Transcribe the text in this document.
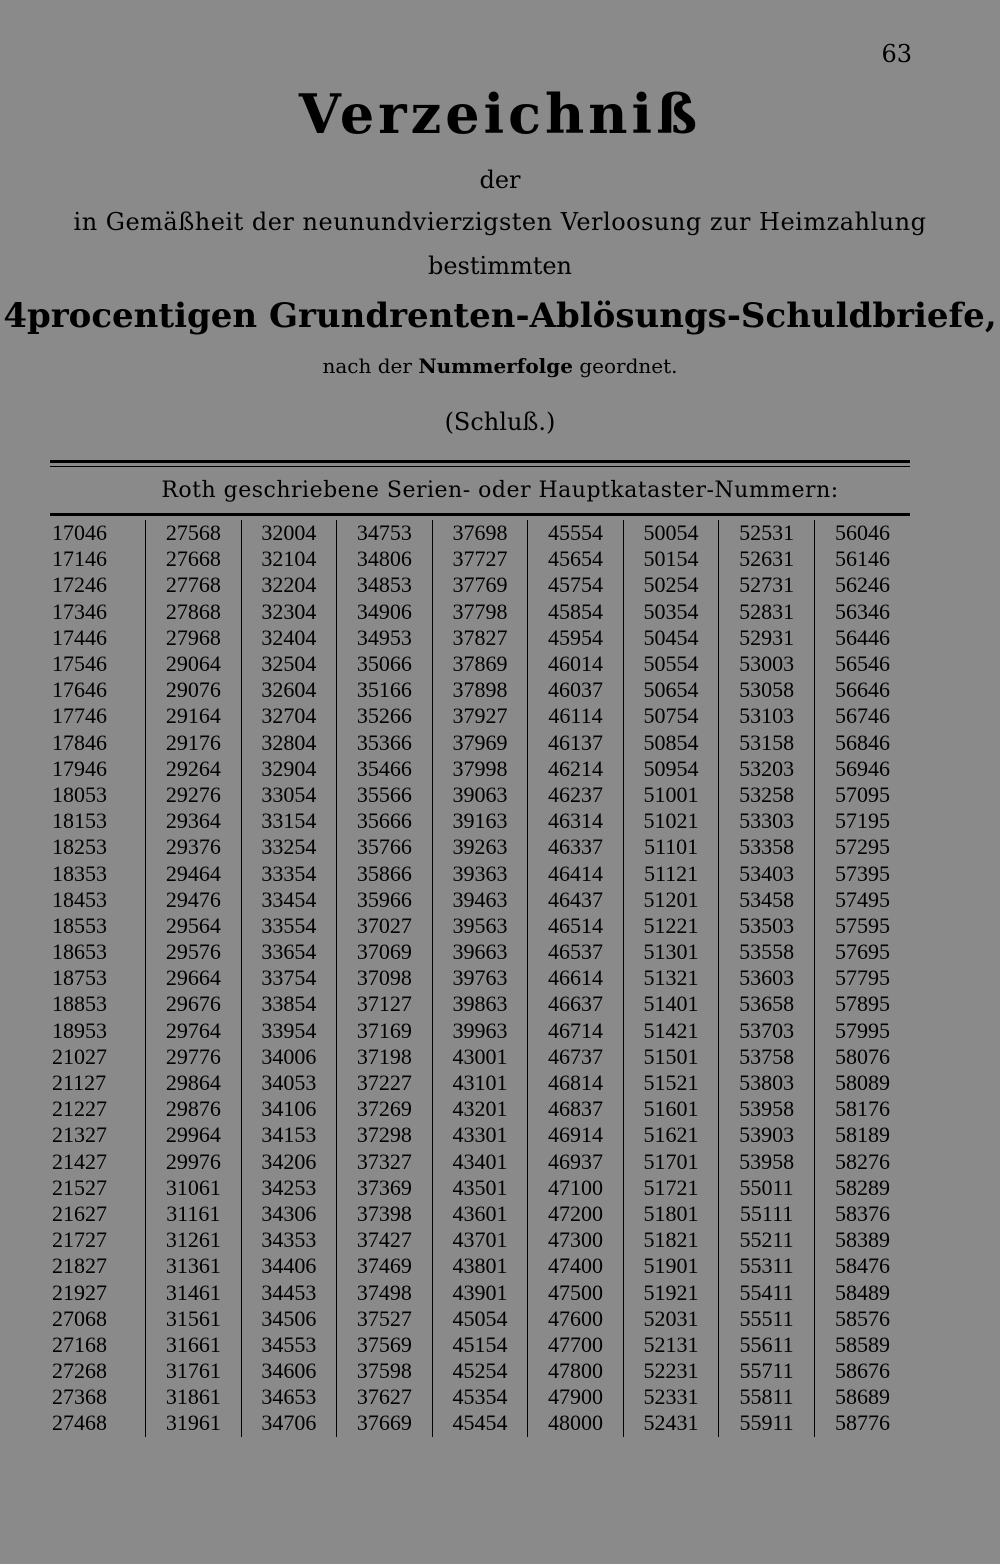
63
Verzeichniß
der
in Gemäßheit der neunundvierzigsten Verloosung zur Heimzahlung
bestimmten
4procentigen Grundrenten-Ablösungs-Schuldbriefe,
nach der Nummerfolge geordnet.
(Schluß.)
Roth geschriebene Serien- oder Hauptkataster-Nummern:
17046	27568	32004	34753	37698	45554	50054	52531	56046
17146	27668	32104	34806	37727	45654	50154	52631	56146
17246	27768	32204	34853	37769	45754	50254	52731	56246
17346	27868	32304	34906	37798	45854	50354	52831	56346
17446	27968	32404	34953	37827	45954	50454	52931	56446
17546	29064	32504	35066	37869	46014	50554	53003	56546
17646	29076	32604	35166	37898	46037	50654	53058	56646
17746	29164	32704	35266	37927	46114	50754	53103	56746
17846	29176	32804	35366	37969	46137	50854	53158	56846
17946	29264	32904	35466	37998	46214	50954	53203	56946
18053	29276	33054	35566	39063	46237	51001	53258	57095
18153	29364	33154	35666	39163	46314	51021	53303	57195
18253	29376	33254	35766	39263	46337	51101	53358	57295
18353	29464	33354	35866	39363	46414	51121	53403	57395
18453	29476	33454	35966	39463	46437	51201	53458	57495
18553	29564	33554	37027	39563	46514	51221	53503	57595
18653	29576	33654	37069	39663	46537	51301	53558	57695
18753	29664	33754	37098	39763	46614	51321	53603	57795
18853	29676	33854	37127	39863	46637	51401	53658	57895
18953	29764	33954	37169	39963	46714	51421	53703	57995
21027	29776	34006	37198	43001	46737	51501	53758	58076
21127	29864	34053	37227	43101	46814	51521	53803	58089
21227	29876	34106	37269	43201	46837	51601	53958	58176
21327	29964	34153	37298	43301	46914	51621	53903	58189
21427	29976	34206	37327	43401	46937	51701	53958	58276
21527	31061	34253	37369	43501	47100	51721	55011	58289
21627	31161	34306	37398	43601	47200	51801	55111	58376
21727	31261	34353	37427	43701	47300	51821	55211	58389
21827	31361	34406	37469	43801	47400	51901	55311	58476
21927	31461	34453	37498	43901	47500	51921	55411	58489
27068	31561	34506	37527	45054	47600	52031	55511	58576
27168	31661	34553	37569	45154	47700	52131	55611	58589
27268	31761	34606	37598	45254	47800	52231	55711	58676
27368	31861	34653	37627	45354	47900	52331	55811	58689
27468	31961	34706	37669	45454	48000	52431	55911	58776
